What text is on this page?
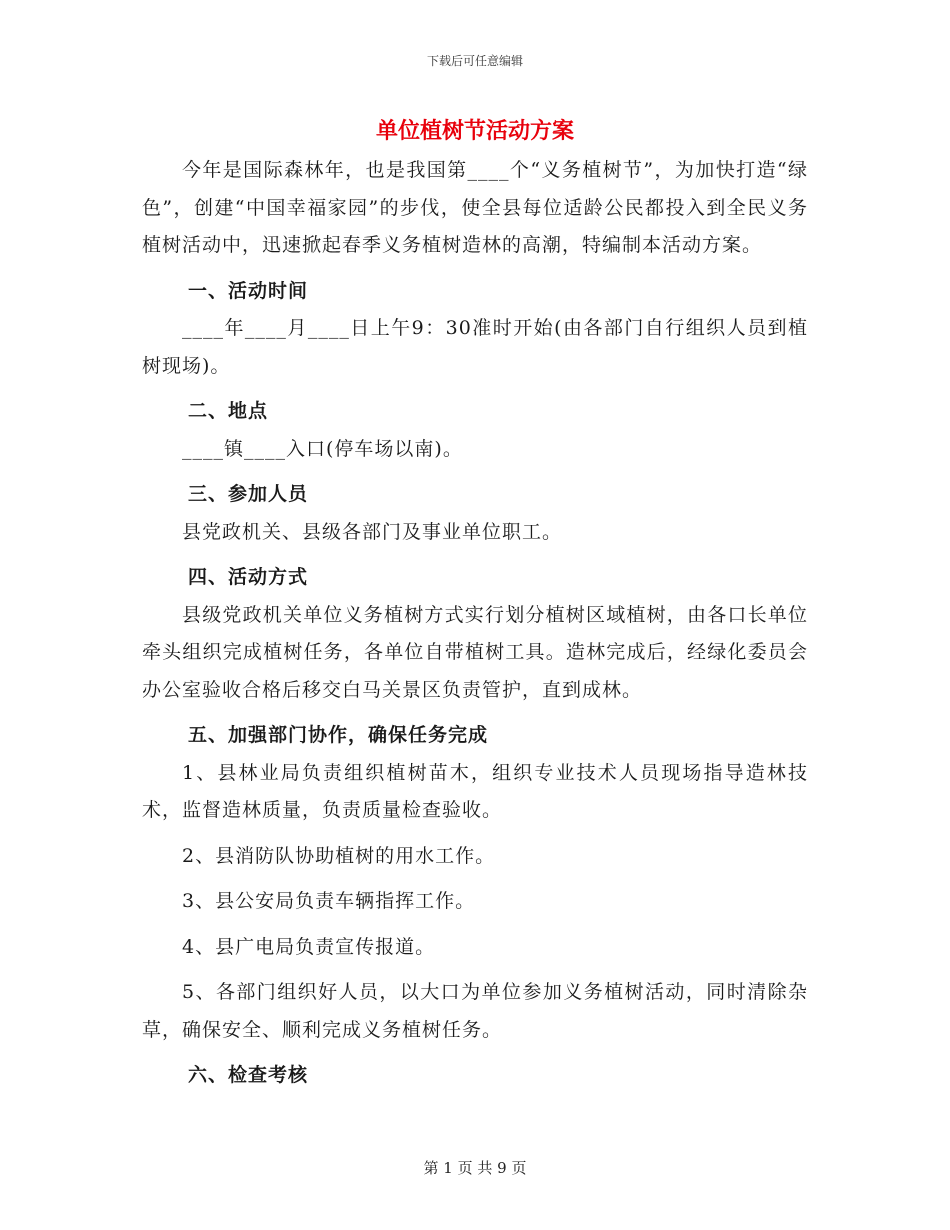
下载后可任意编辑
单位植树节活动方案

今年是国际森林年，也是我国第____个“义务植树节”，为加快打造“绿色”，创建“中国幸福家园”的步伐，使全县每位适龄公民都投入到全民义务植树活动中，迅速掀起春季义务植树造林的高潮，特编制本活动方案。

一、活动时间

____年____月____日上午9：30准时开始(由各部门自行组织人员到植树现场)。

二、地点

____镇____入口(停车场以南)。

三、参加人员

县党政机关、县级各部门及事业单位职工。

四、活动方式

县级党政机关单位义务植树方式实行划分植树区域植树，由各口长单位牵头组织完成植树任务，各单位自带植树工具。造林完成后，经绿化委员会办公室验收合格后移交白马关景区负责管护，直到成林。

五、加强部门协作，确保任务完成

1、县林业局负责组织植树苗木，组织专业技术人员现场指导造林技术，监督造林质量，负责质量检查验收。

2、县消防队协助植树的用水工作。

3、县公安局负责车辆指挥工作。

4、县广电局负责宣传报道。

5、各部门组织好人员，以大口为单位参加义务植树活动，同时清除杂草，确保安全、顺利完成义务植树任务。

六、检查考核
第 1 页 共 9 页
